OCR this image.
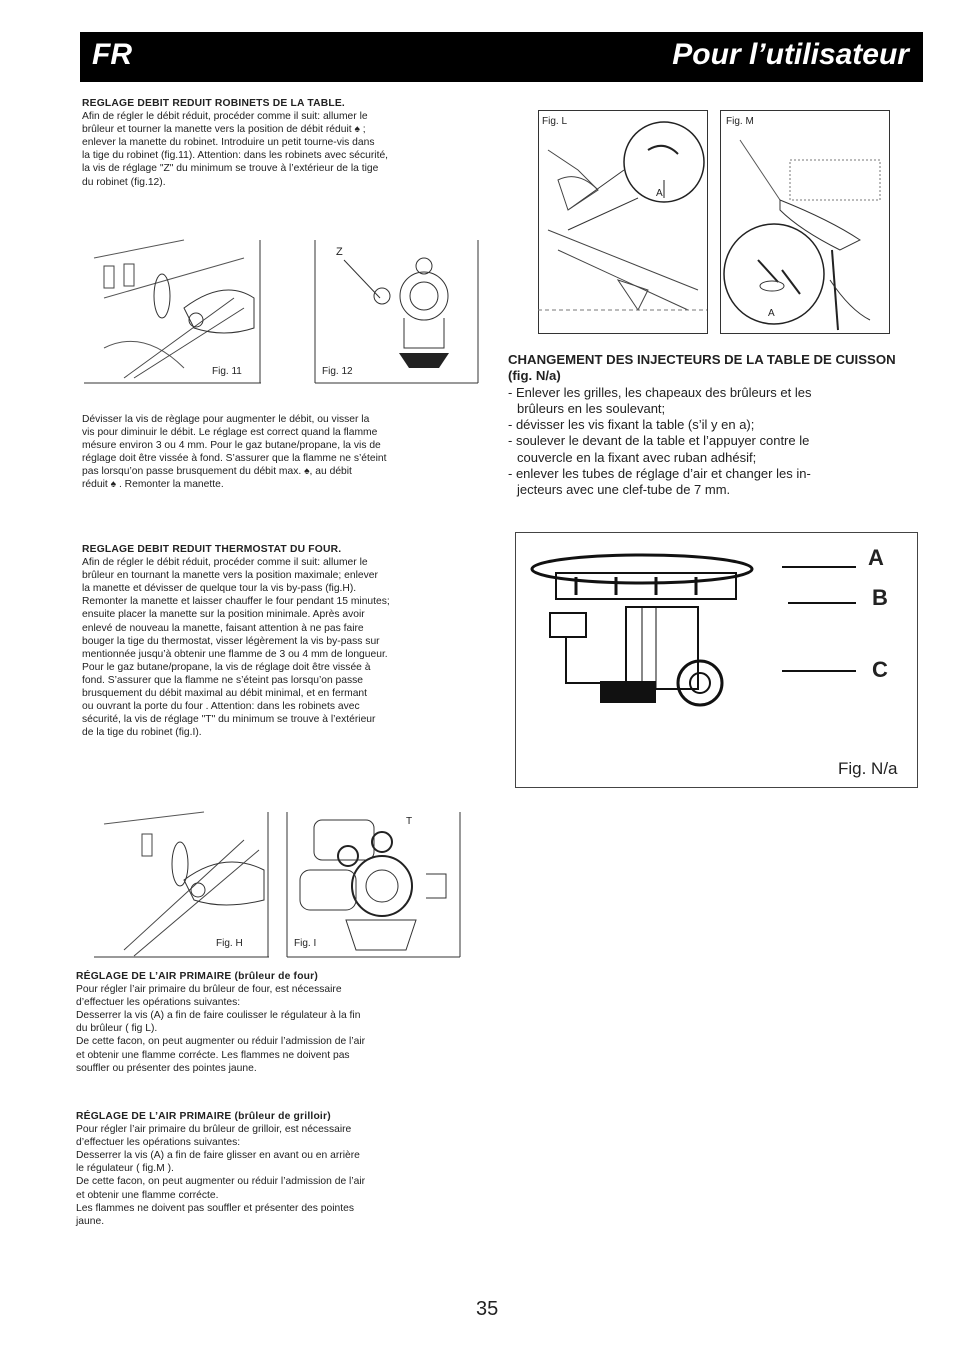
FR	Pour l’utilisateur

REGLAGE DEBIT REDUIT ROBINETS DE LA TABLE.

Afin de régler le débit réduit, procéder comme il suit: allumer le

brûleur et tourner la manette vers la position de débit réduit ♠ ;

enlever la manette du robinet. Introduire un petit tourne-vis dans

la tige du robinet (fig.11). Attention: dans les robinets avec sécurité,

la vis de réglage "Z" du minimum se trouve à l’extérieur de la tige

du robinet (fig.12).

Fig. 11
Z
Fig. 12

Dévisser la vis de règlage pour augmenter le débit, ou visser la

vis pour diminuir le débit. Le réglage est correct quand la flamme

mésure environ 3 ou 4 mm. Pour le gaz butane/propane, la vis de

réglage doit être vissée à fond. S’assurer que la flamme ne s’éteint

pas lorsqu’on passe brusquement du débit max. ♠, au débit

réduit ♠ . Remonter la manette.

REGLAGE DEBIT REDUIT THERMOSTAT DU FOUR.

Afin de régler le débit réduit, procéder comme il suit: allumer le

brûleur en tournant la manette vers la position maximale; enlever

la manette et dévisser de quelque tour la vis by-pass (fig.H).

Remonter la manette et laisser chauffer le four pendant 15 minutes;

ensuite placer la manette sur la position minimale. Après avoir

enlevé de nouveau la manette, faisant attention à ne pas faire

bouger la tige du thermostat, visser légèrement la vis by-pass sur

mentionnée jusqu’à obtenir une flamme de 3 ou 4 mm de longueur.

Pour le gaz butane/propane, la vis de réglage doit être vissée à

fond. S’assurer que la flamme ne s’éteint pas lorsqu’on passe

brusquement du débit maximal au débit minimal, et en fermant

ou ouvrant la porte du four . Attention: dans les robinets avec

sécurité, la vis de réglage "T" du minimum se trouve à l’extérieur

de la tige du robinet (fig.I).

Fig. H
T
Fig. I

RÉGLAGE DE L’AIR PRIMAIRE (brûleur de four)

Pour régler l’air primaire du brûleur de four, est nécessaire

d’effectuer les opérations suivantes:

Desserrer la vis (A) a fin de faire coulisser le régulateur à la fin

du brûleur ( fig L).

De cette facon, on peut augmenter ou réduir l’admission de l’air

et obtenir une flamme corrécte. Les flammes ne doivent pas

souffler ou présenter des pointes jaune.

RÉGLAGE DE L’AIR PRIMAIRE (brûleur de grilloir)

Pour régler l’air primaire du brûleur de grilloir, est nécessaire

d’effectuer les opérations suivantes:

Desserrer la vis (A) a fin de faire glisser en avant ou en arrière

le régulateur ( fig.M ).

De cette facon, on peut augmenter ou réduir l’admission de l’air

et obtenir une flamme corrécte.

Les flammes ne doivent pas souffler et présenter des pointes

jaune.

Fig. L
A
Fig. M
A

CHANGEMENT DES INJECTEURS DE LA TABLE DE CUISSON (fig. N/a)

- Enlever les grilles, les chapeaux des brûleurs et les

brûleurs en les soulevant;

- dévisser les vis fixant la table (s’il y en a);

- soulever le devant de la table et l’appuyer contre le

couvercle en la fixant avec ruban adhésif;

- enlever les tubes de réglage d’air et changer les in-

jecteurs avec une clef-tube de 7 mm.

A
B
C
Fig. N/a
35
